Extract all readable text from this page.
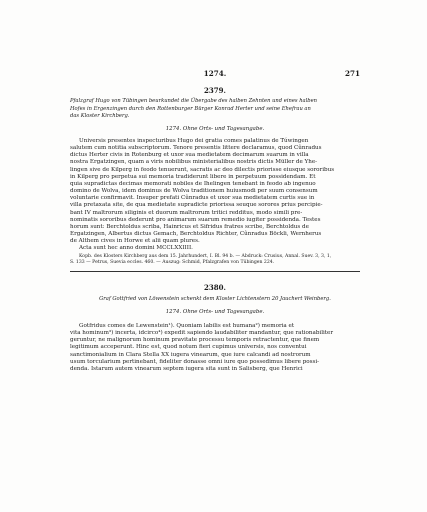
1274.	271
2379.

Pfalzgraf Hugo von Tübingen beurkundet die Übergabe des halben Zehnten und eines halben

Hofes in Ergenzingen durch den Rottenburger Bürger Konrad Herter und seine Ehefrau an

das Kloster Kirchberg.

1274. Ohne Orts- und Tagesangabe.

Universis presentes inspecturibus Hugo dei gratia comes palatinus de Túwingen

salutem cum notitia subscriptorum. Tenore presentis littere declaramus, quod Cûnradus

dictus Herter civis in Rotenburg et uxor sua medietatem decimarum suarum in villa

nostra Ergatzingen, quam a viris nobilibus ministerialibus nostris dictis Müller de Yhe-

lingen sive de Kilperg in feodo tenuerunt, sacratis ac deo dilectis priorisse eiusque sororibus

in Kilperg pro perpetua sui memoria tradiderunt libere in perpetuum possidendam. Et

quia supradictas decimas memorati nobiles de Ihelingen tenebant in feodo ab ingenuo

domino de Wolva, idem dominus de Wolva traditionem huiusmodi per suum consensum

voluntarie confirmavit. Insuper prefati Cûnradus et uxor sua medietatem curtis sue in

villa pretaxata site, de qua medietate supradicte priorissa seuque sorores prius percipie-

bant IV maltrorum siliginis et duorum maltrorum tritici redditus, modo simili pre-

nominatis sororibus dederunt pro animarum suarum remedio iugiter possidenda. Testes

horum sunt: Berchtoldus scriba, Hainricus et Sifridus fratres scribe, Berchtoldus de

Ergatzingen, Albertus dictus Gemach, Berchtoldus Richter, Cûnradus Böckli, Wernherus

de Althem cives in Horwe et alii quam plures.

Acta sunt hec anno domini MCCLXXIIII.

Kopb. des Klosters Kirchberg aus dem 15. Jahrhundert, I. Bl. 94 b. — Abdruck: Crusius, Annal. Suev. 3, 3, 1,

S. 133 — Petrus, Suevia eccles. 460. — Auszug: Schmid, Pfalzgrafen von Tübingen 224.

2380.

Graf Gottfried von Löwenstein schenkt dem Kloster Lichtenstern 20 Jauchert Weinberg.

1274. Ohne Orts- und Tagesangabe.

Gotfridus comes de Lewenstein¹). Quoniam labilis est humana²) memoria et

vita hominum³) incerta, idcirco⁴) expedit sapiendo laudabiliter mandantur, que rationabiliter

geruntur, ne malignorum hominum pravitate processu temporis retractentur, que finem

legitimum acceperunt. Hinc est, quod notum fieri cupimus universis, nos conventui

sanctimonialium in Clara Stella XX iugera vinearum, que iure calcandi ad nostrorum

usum torcularium pertinebant, fideliter donasse omni iure quo possedimus libere possi-

denda. Istarum autem vinearum septem iugera sita sunt in Salisberg, que Henrici
